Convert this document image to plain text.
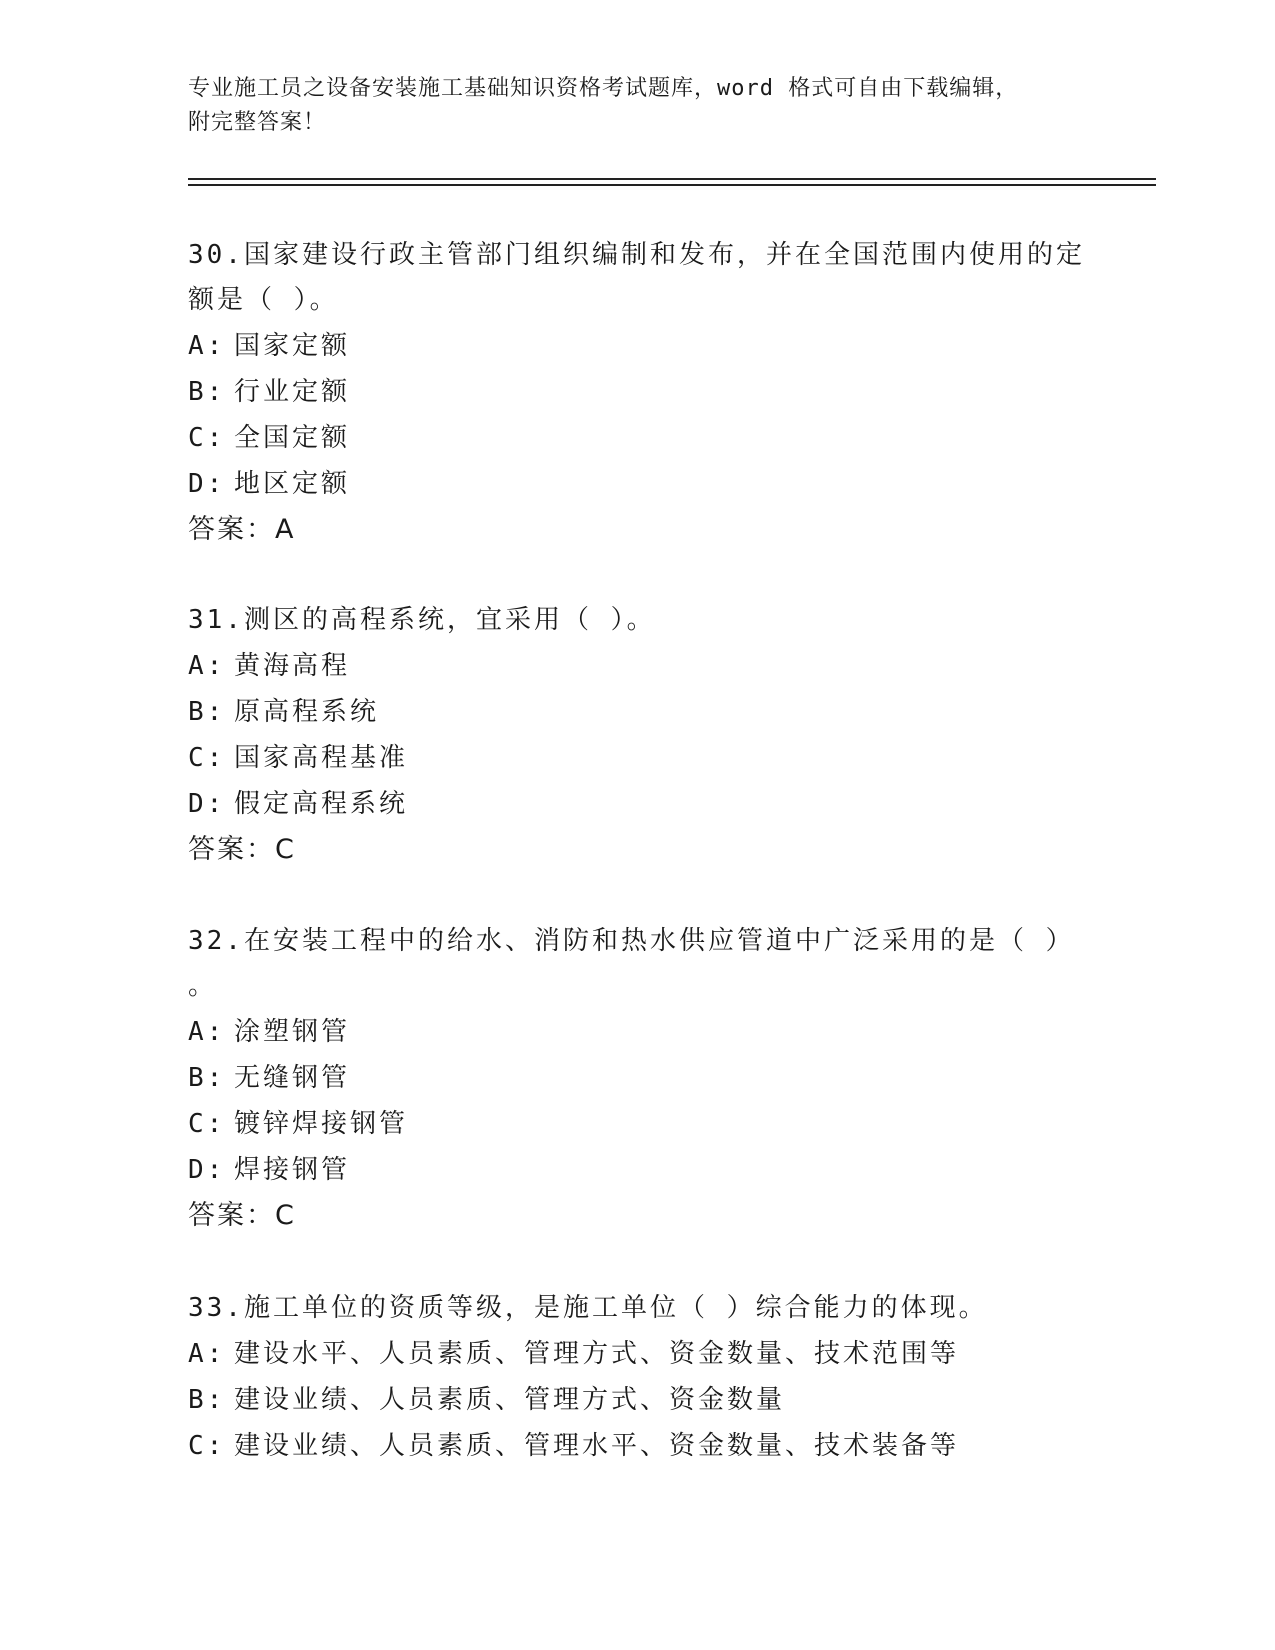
专业施工员之设备安装施工基础知识资格考试题库，word 格式可自由下载编辑，
附完整答案！

30.国家建设行政主管部门组织编制和发布，并在全国范围内使用的定

额是（ ）。

A: 国家定额
B: 行业定额
C: 全国定额
D: 地区定额
答案：A

31.测区的高程系统，宜采用（ ）。

A: 黄海高程
B: 原高程系统
C: 国家高程基准
D: 假定高程系统
答案：C

32.在安装工程中的给水、消防和热水供应管道中广泛采用的是（ ）

。

A: 涂塑钢管
B: 无缝钢管
C: 镀锌焊接钢管
D: 焊接钢管
答案：C

33.施工单位的资质等级，是施工单位（ ）综合能力的体现。

A: 建设水平、人员素质、管理方式、资金数量、技术范围等
B: 建设业绩、人员素质、管理方式、资金数量
C: 建设业绩、人员素质、管理水平、资金数量、技术装备等
